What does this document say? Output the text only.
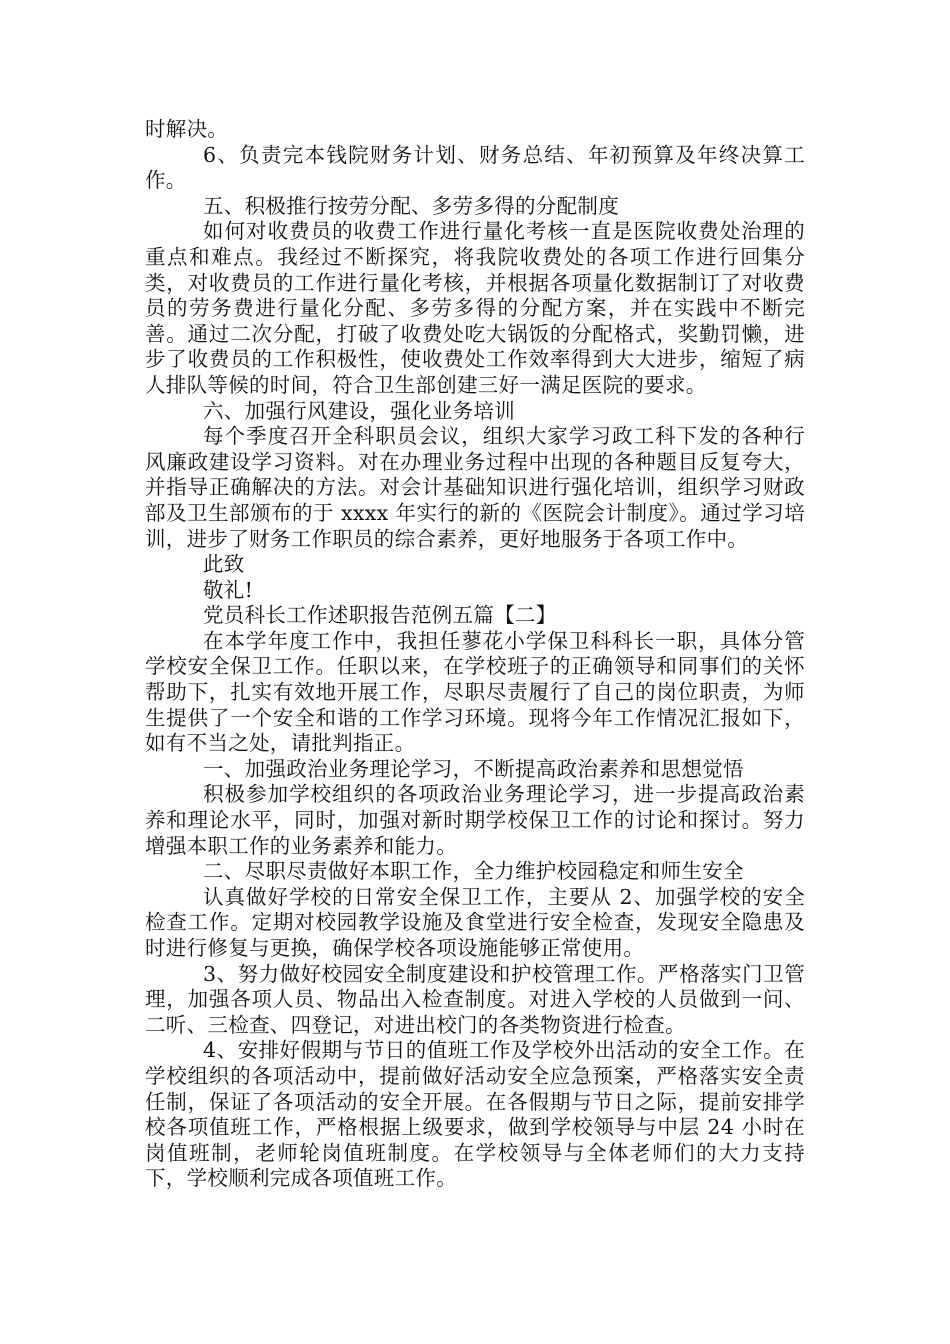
时解决。

6、负责完本钱院财务计划、财务总结、年初预算及年终决算工作。

五、积极推行按劳分配、多劳多得的分配制度

如何对收费员的收费工作进行量化考核一直是医院收费处治理的重点和难点。我经过不断探究，将我院收费处的各项工作进行回集分类，对收费员的工作进行量化考核，并根据各项量化数据制订了对收费员的劳务费进行量化分配、多劳多得的分配方案，并在实践中不断完善。通过二次分配，打破了收费处吃大锅饭的分配格式，奖勤罚懒，进步了收费员的工作积极性，使收费处工作效率得到大大进步，缩短了病人排队等候的时间，符合卫生部创建三好一满足医院的要求。

六、加强行风建设，强化业务培训

每个季度召开全科职员会议，组织大家学习政工科下发的各种行风廉政建设学习资料。对在办理业务过程中出现的各种题目反复夸大，并指导正确解决的方法。对会计基础知识进行强化培训，组织学习财政部及卫生部颁布的于 xxxx 年实行的新的《医院会计制度》。通过学习培训，进步了财务工作职员的综合素养，更好地服务于各项工作中。

此致

敬礼!

党员科长工作述职报告范例五篇【二】

在本学年度工作中，我担任蓼花小学保卫科科长一职，具体分管学校安全保卫工作。任职以来，在学校班子的正确领导和同事们的关怀帮助下，扎实有效地开展工作，尽职尽责履行了自己的岗位职责，为师生提供了一个安全和谐的工作学习环境。现将今年工作情况汇报如下，如有不当之处，请批判指正。

一、加强政治业务理论学习，不断提高政治素养和思想觉悟

积极参加学校组织的各项政治业务理论学习，进一步提高政治素养和理论水平，同时，加强对新时期学校保卫工作的讨论和探讨。努力增强本职工作的业务素养和能力。

二、尽职尽责做好本职工作，全力维护校园稳定和师生安全

认真做好学校的日常安全保卫工作，主要从 2、加强学校的安全检查工作。定期对校园教学设施及食堂进行安全检查，发现安全隐患及时进行修复与更换，确保学校各项设施能够正常使用。

3、努力做好校园安全制度建设和护校管理工作。严格落实门卫管理，加强各项人员、物品出入检查制度。对进入学校的人员做到一问、二听、三检查、四登记，对进出校门的各类物资进行检查。

4、安排好假期与节日的值班工作及学校外出活动的安全工作。在学校组织的各项活动中，提前做好活动安全应急预案，严格落实安全责任制，保证了各项活动的安全开展。在各假期与节日之际，提前安排学校各项值班工作，严格根据上级要求，做到学校领导与中层 24 小时在岗值班制，老师轮岗值班制度。在学校领导与全体老师们的大力支持下，学校顺利完成各项值班工作。
